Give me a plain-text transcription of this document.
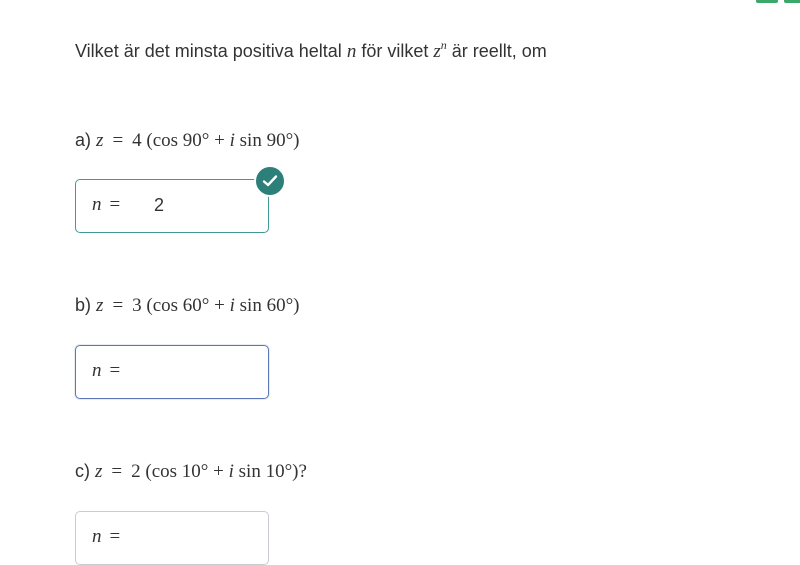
Vilket är det minsta positiva heltal n för vilket $z^n$ är reellt, om
a) z = 4 (cos 90° + i sin 90°)
n = 2
b) z = 3 (cos 60° + i sin 60°)
n =
c) z = 2 (cos 10° + i sin 10°)?
n =
